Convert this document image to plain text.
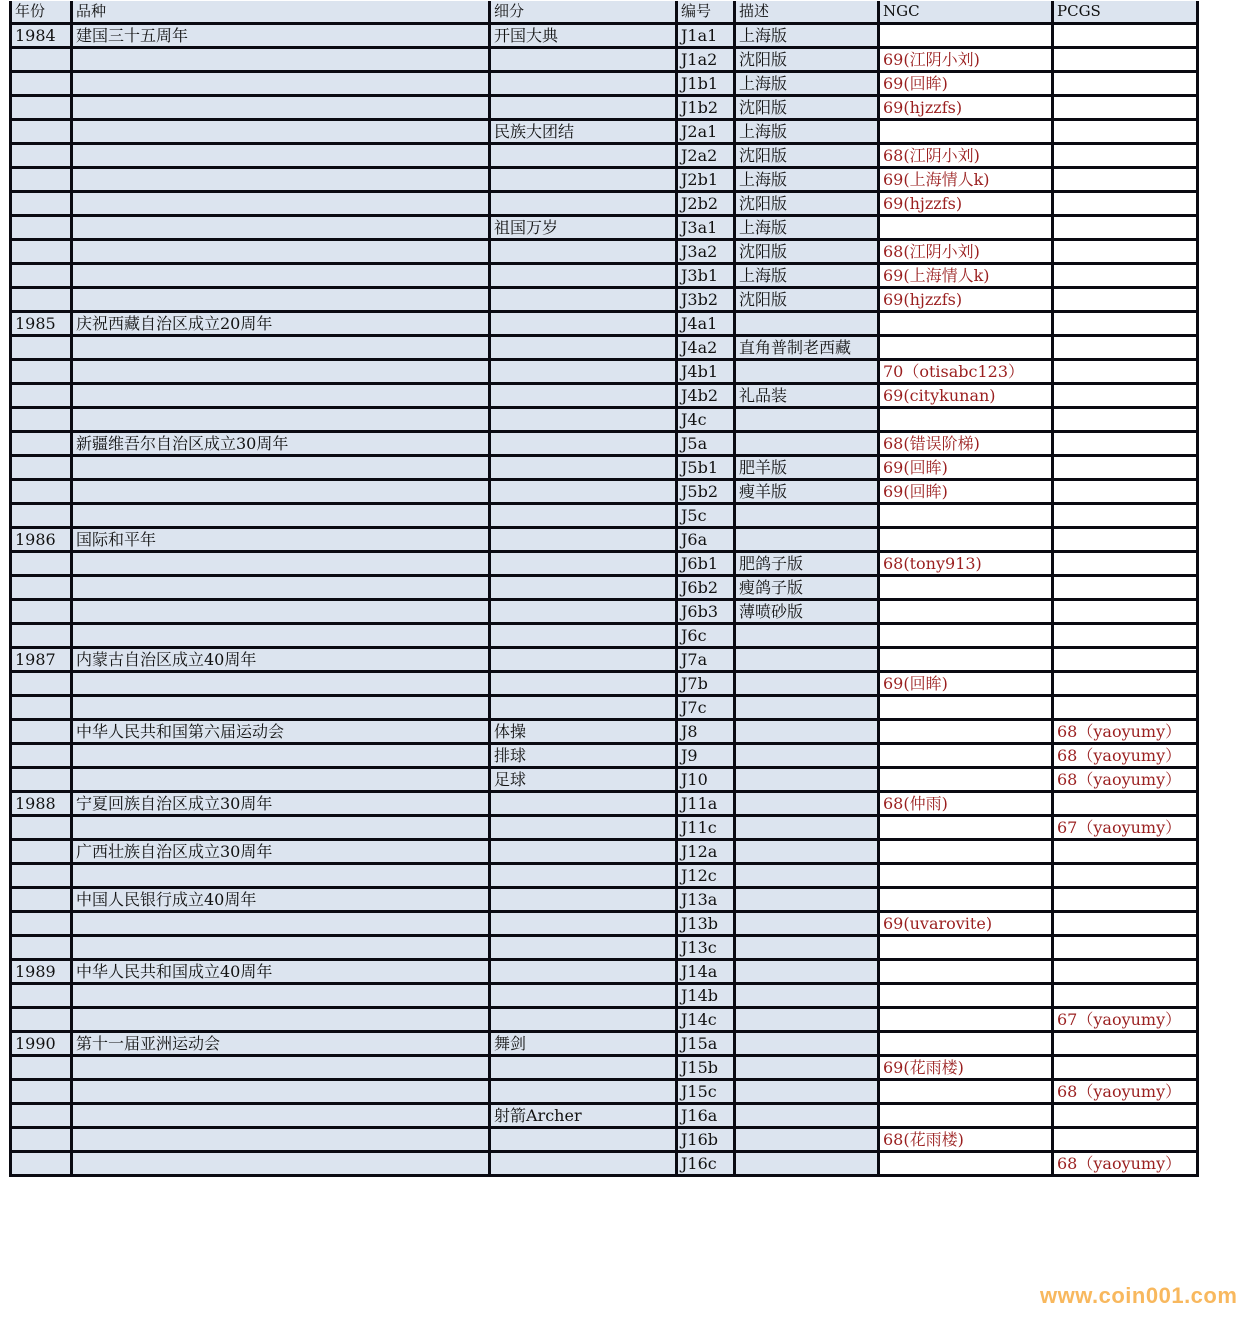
年份	品种	细分	编号	描述	NGC	PCGS
1984	建国三十五周年	开国大典	J1a1	上海版		
			J1a2	沈阳版	69(江阴小刘)	
			J1b1	上海版	69(回眸)	
			J1b2	沈阳版	69(hjzzfs)	
		民族大团结	J2a1	上海版		
			J2a2	沈阳版	68(江阴小刘)	
			J2b1	上海版	69(上海情人k)	
			J2b2	沈阳版	69(hjzzfs)	
		祖国万岁	J3a1	上海版		
			J3a2	沈阳版	68(江阴小刘)	
			J3b1	上海版	69(上海情人k)	
			J3b2	沈阳版	69(hjzzfs)	
1985	庆祝西藏自治区成立20周年		J4a1			
			J4a2	直角普制老西藏		
			J4b1		70（otisabc123）	
			J4b2	礼品装	69(citykunan)	
			J4c			
	新疆维吾尔自治区成立30周年		J5a		68(错误阶梯)	
			J5b1	肥羊版	69(回眸)	
			J5b2	瘦羊版	69(回眸)	
			J5c			
1986	国际和平年		J6a			
			J6b1	肥鸽子版	68(tony913)	
			J6b2	瘦鸽子版		
			J6b3	薄喷砂版		
			J6c			
1987	内蒙古自治区成立40周年		J7a			
			J7b		69(回眸)	
			J7c			
	中华人民共和国第六届运动会	体操	J8			68（yaoyumy）
		排球	J9			68（yaoyumy）
		足球	J10			68（yaoyumy）
1988	宁夏回族自治区成立30周年		J11a		68(仲雨)	
			J11c			67（yaoyumy）
	广西壮族自治区成立30周年		J12a			
			J12c			
	中国人民银行成立40周年		J13a			
			J13b		69(uvarovite)	
			J13c			
1989	中华人民共和国成立40周年		J14a			
			J14b			
			J14c			67（yaoyumy）
1990	第十一届亚洲运动会	舞剑	J15a			
			J15b		69(花雨楼)	
			J15c			68（yaoyumy）
		射箭Archer	J16a			
			J16b		68(花雨楼)	
			J16c			68（yaoyumy）
www.coin001.com
